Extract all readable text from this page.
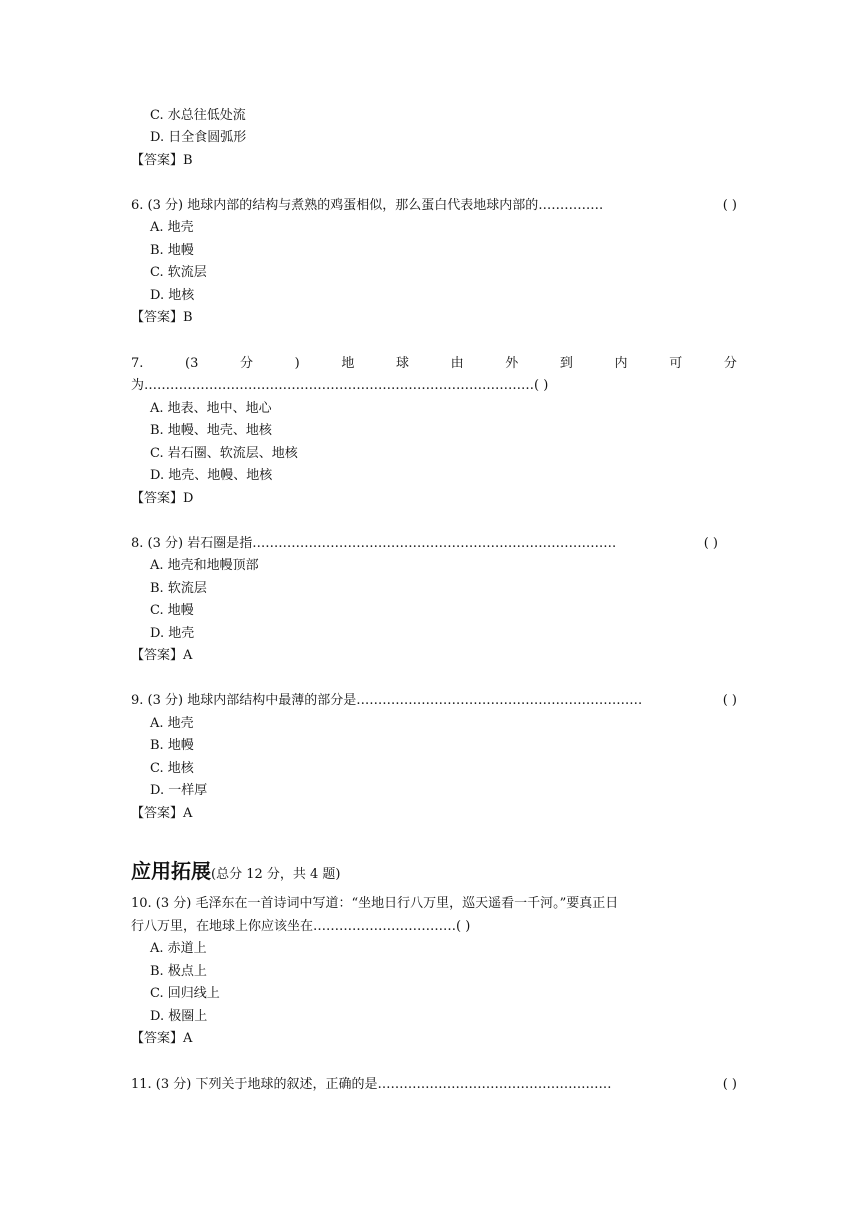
C. 水总往低处流
D. 日全食圆弧形
【答案】B
6. (3 分) 地球内部的结构与煮熟的鸡蛋相似，那么蛋白代表地球内部的……………	( )
A. 地壳
B. 地幔
C. 软流层
D. 地核
【答案】B
7.	(3	分	)	地	球	由	外	到	内	可	分
为………………………………………………………………………………( )
A. 地表、地中、地心
B. 地幔、地壳、地核
C. 岩石圈、软流层、地核
D. 地壳、地幔、地核
【答案】D
8. (3 分) 岩石圈是指…………………………………………………………………………	( )
A. 地壳和地幔顶部
B. 软流层
C. 地幔
D. 地壳
【答案】A
9. (3 分) 地球内部结构中最薄的部分是…………………………………………………………	( )
A. 地壳
B. 地幔
C. 地核
D. 一样厚
【答案】A
应用拓展(总分 12 分，共 4 题)
10. (3 分) 毛泽东在一首诗词中写道：“坐地日行八万里，巡天遥看一千河。”要真正日
行八万里，在地球上你应该坐在……………………………( )
A. 赤道上
B. 极点上
C. 回归线上
D. 极圈上
【答案】A
11. (3 分) 下列关于地球的叙述，正确的是………………………………………………	( )
